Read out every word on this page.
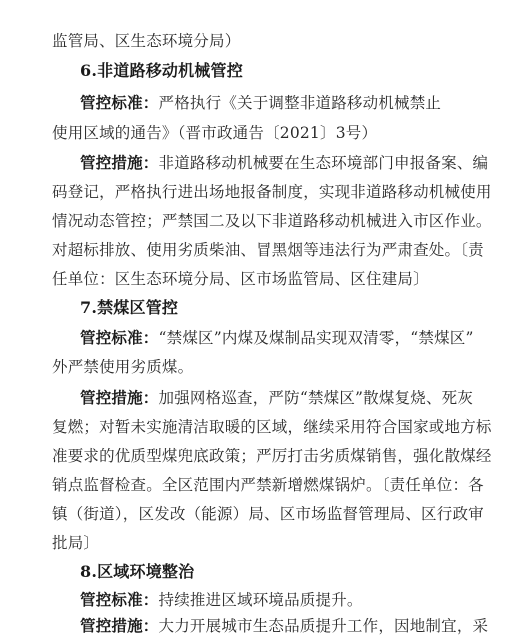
监管局、区生态环境分局）
6.非道路移动机械管控
管控标准：严格执行《关于调整非道路移动机械禁止
使用区域的通告》（晋市政通告〔2021〕3号）
管控措施：非道路移动机械要在生态环境部门申报备案、编
码登记，严格执行进出场地报备制度，实现非道路移动机械使用
情况动态管控；严禁国二及以下非道路移动机械进入市区作业。
对超标排放、使用劣质柴油、冒黑烟等违法行为严肃查处。〔责
任单位：区生态环境分局、区市场监管局、区住建局〕
7.禁煤区管控
管控标准：“禁煤区”内煤及煤制品实现双清零，“禁煤区”
外严禁使用劣质煤。
管控措施：加强网格巡查，严防“禁煤区”散煤复烧、死灰
复燃；对暂未实施清洁取暖的区域，继续采用符合国家或地方标
准要求的优质型煤兜底政策；严厉打击劣质煤销售，强化散煤经
销点监督检查。全区范围内严禁新增燃煤锅炉。〔责任单位：各
镇（街道），区发改（能源）局、区市场监督管理局、区行政审
批局〕
8.区域环境整治
管控标准：持续推进区域环境品质提升。
管控措施：大力开展城市生态品质提升工作，因地制宜，采
